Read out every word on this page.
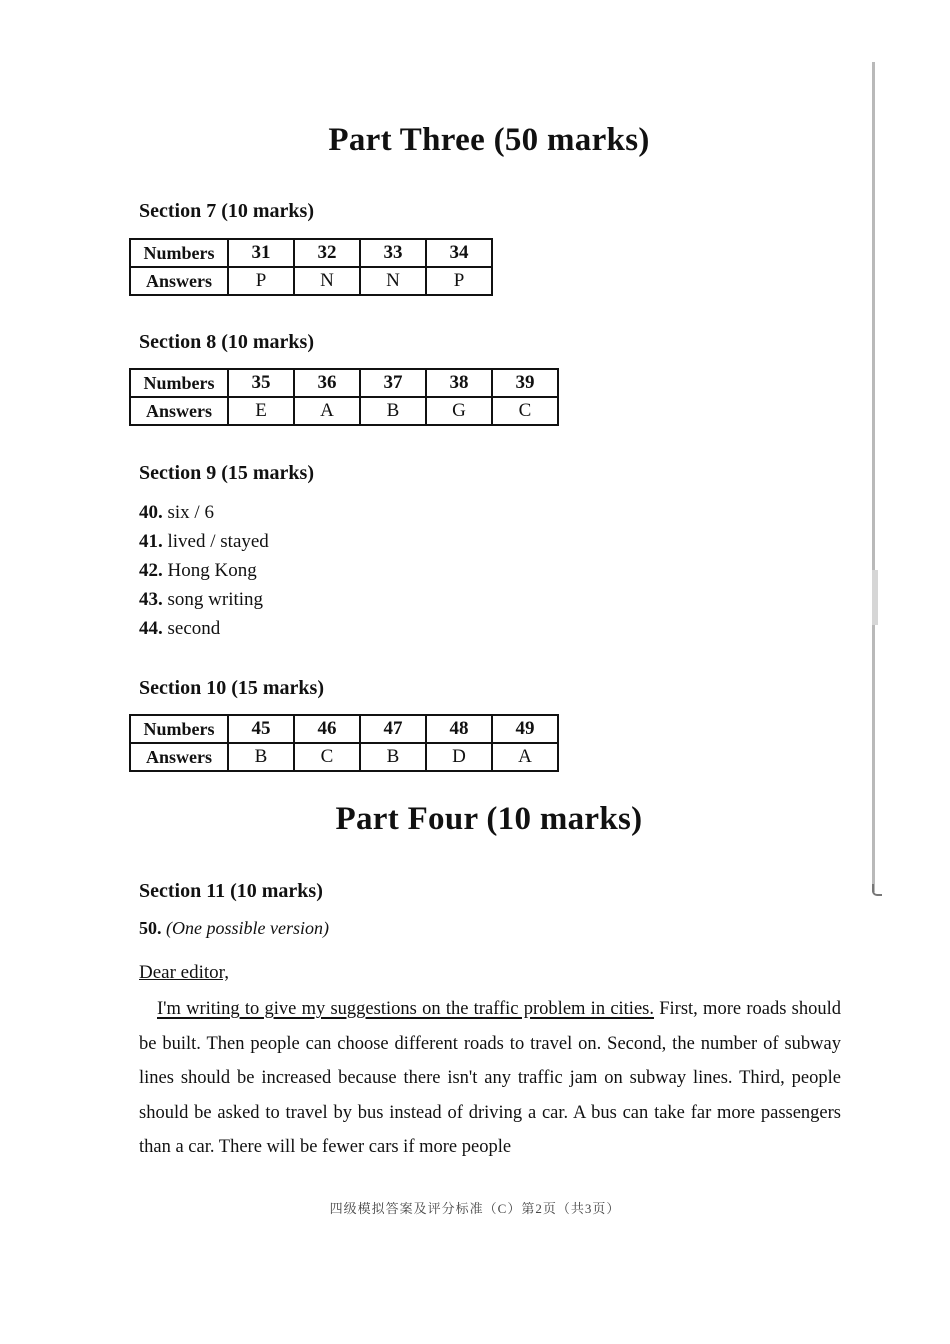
Part Three (50 marks)
Section 7 (10 marks)
Numbers	31	32	33	34
Answers	P	N	N	P
Section 8 (10 marks)
Numbers	35	36	37	38	39
Answers	E	A	B	G	C
Section 9 (15 marks)
40. six / 6
41. lived / stayed
42. Hong Kong
43. song writing
44. second
Section 10 (15 marks)
Numbers	45	46	47	48	49
Answers	B	C	B	D	A
Part Four (10 marks)
Section 11 (10 marks)
50. (One possible version)
Dear editor,
I'm writing to give my suggestions on the traffic problem in cities. First, more roads should be built. Then people can choose different roads to travel on. Second, the number of subway lines should be increased because there isn't any traffic jam on subway lines. Third, people should be asked to travel by bus instead of driving a car. A bus can take far more passengers than a car. There will be fewer cars if more people
四级模拟答案及评分标准（C）第2页（共3页）
